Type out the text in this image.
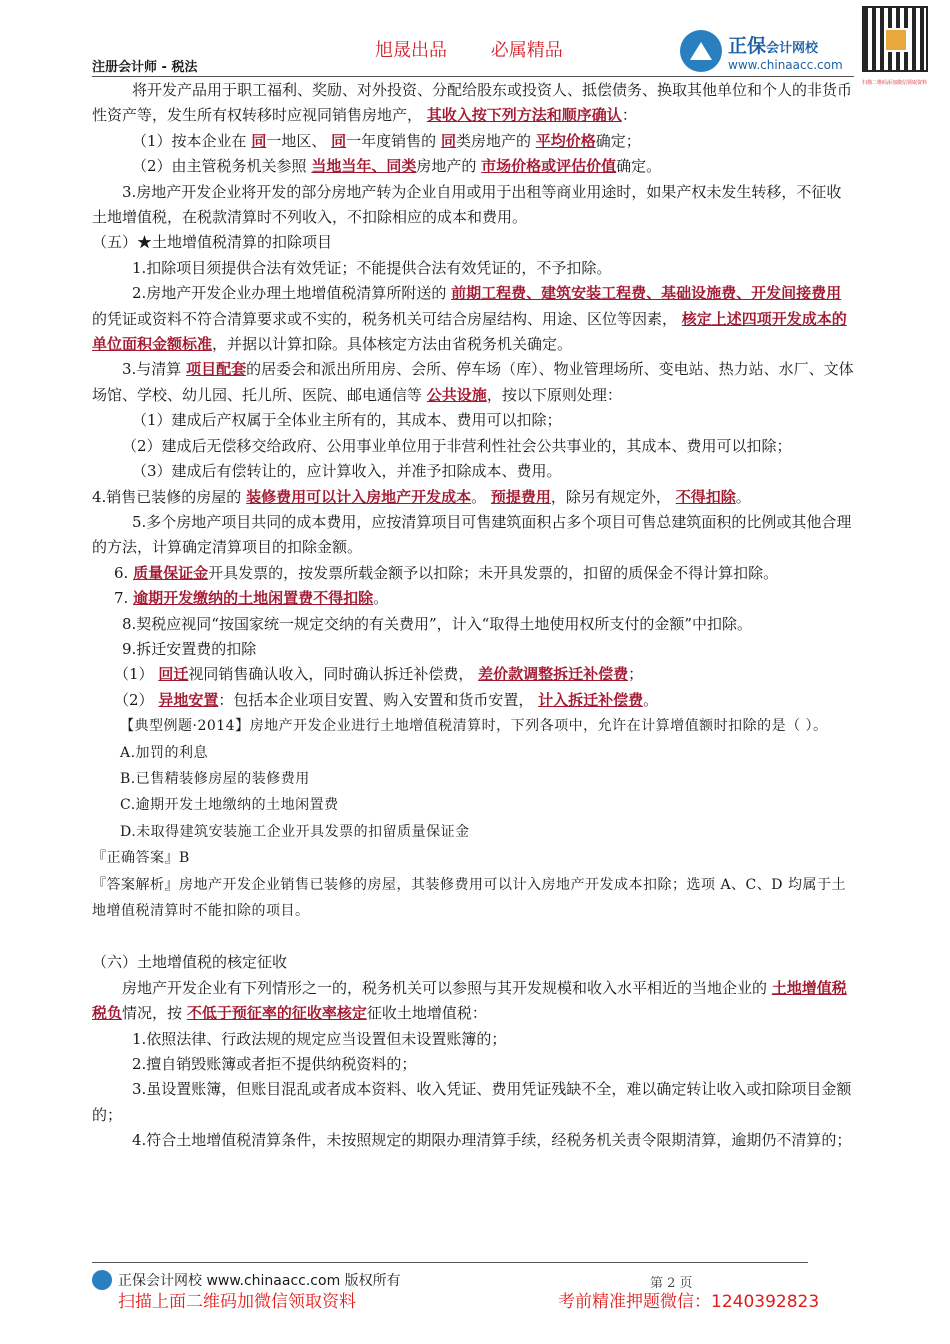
旭晟出品 必属精品
注册会计师 - 税法
正保会计网校
www.chinaacc.com
扫描二维码添加微信领取资料

将开发产品用于职工福利、奖励、对外投资、分配给股东或投资人、抵偿债务、换取其他单位和个人的非货币性资产等，发生所有权转移时应视同销售房地产， 其收入按下列方法和顺序确认：

（1）按本企业在 同一地区、 同一年度销售的 同类房地产的 平均价格确定；

（2）由主管税务机关参照 当地当年、同类房地产的 市场价格或评估价值确定。

3.房地产开发企业将开发的部分房地产转为企业自用或用于出租等商业用途时，如果产权未发生转移，不征收土地增值税，在税款清算时不列收入，不扣除相应的成本和费用。

（五）★土地增值税清算的扣除项目

1.扣除项目须提供合法有效凭证；不能提供合法有效凭证的，不予扣除。

2.房地产开发企业办理土地增值税清算所附送的 前期工程费、建筑安装工程费、基础设施费、开发间接费用的凭证或资料不符合清算要求或不实的，税务机关可结合房屋结构、用途、区位等因素， 核定上述四项开发成本的单位面积金额标准，并据以计算扣除。具体核定方法由省税务机关确定。

3.与清算 项目配套的居委会和派出所用房、会所、停车场（库）、物业管理场所、变电站、热力站、水厂、文体场馆、学校、幼儿园、托儿所、医院、邮电通信等 公共设施，按以下原则处理：

（1）建成后产权属于全体业主所有的，其成本、费用可以扣除；

（2）建成后无偿移交给政府、公用事业单位用于非营利性社会公共事业的，其成本、费用可以扣除；

（3）建成后有偿转让的，应计算收入，并准予扣除成本、费用。

4.销售已装修的房屋的 装修费用可以计入房地产开发成本。 预提费用，除另有规定外， 不得扣除。

5.多个房地产项目共同的成本费用，应按清算项目可售建筑面积占多个项目可售总建筑面积的比例或其他合理的方法，计算确定清算项目的扣除金额。

6. 质量保证金开具发票的，按发票所载金额予以扣除；未开具发票的，扣留的质保金不得计算扣除。

7. 逾期开发缴纳的土地闲置费不得扣除。

8.契税应视同“按国家统一规定交纳的有关费用”，计入“取得土地使用权所支付的金额”中扣除。

9.拆迁安置费的扣除

（1） 回迁视同销售确认收入，同时确认拆迁补偿费， 差价款调整拆迁补偿费；

（2） 异地安置：包括本企业项目安置、购入安置和货币安置， 计入拆迁补偿费。

【典型例题·2014】房地产开发企业进行土地增值税清算时，下列各项中，允许在计算增值额时扣除的是（ ）。

A.加罚的利息

B.已售精装修房屋的装修费用

C.逾期开发土地缴纳的土地闲置费

D.未取得建筑安装施工企业开具发票的扣留质量保证金

『正确答案』B

『答案解析』房地产开发企业销售已装修的房屋，其装修费用可以计入房地产开发成本扣除；选项 A、C、D 均属于土地增值税清算时不能扣除的项目。

（六）土地增值税的核定征收

房地产开发企业有下列情形之一的，税务机关可以参照与其开发规模和收入水平相近的当地企业的 土地增值税税负情况，按 不低于预征率的征收率核定征收土地增值税：

1.依照法律、行政法规的规定应当设置但未设置账簿的；

2.擅自销毁账簿或者拒不提供纳税资料的；

3.虽设置账簿，但账目混乱或者成本资料、收入凭证、费用凭证残缺不全，难以确定转让收入或扣除项目金额的；

4.符合土地增值税清算条件，未按照规定的期限办理清算手续，经税务机关责令限期清算，逾期仍不清算的；

正保会计网校 www.chinaacc.com 版权所有	第 2 页
扫描上面二维码加微信领取资料	考前精准押题微信：1240392823
